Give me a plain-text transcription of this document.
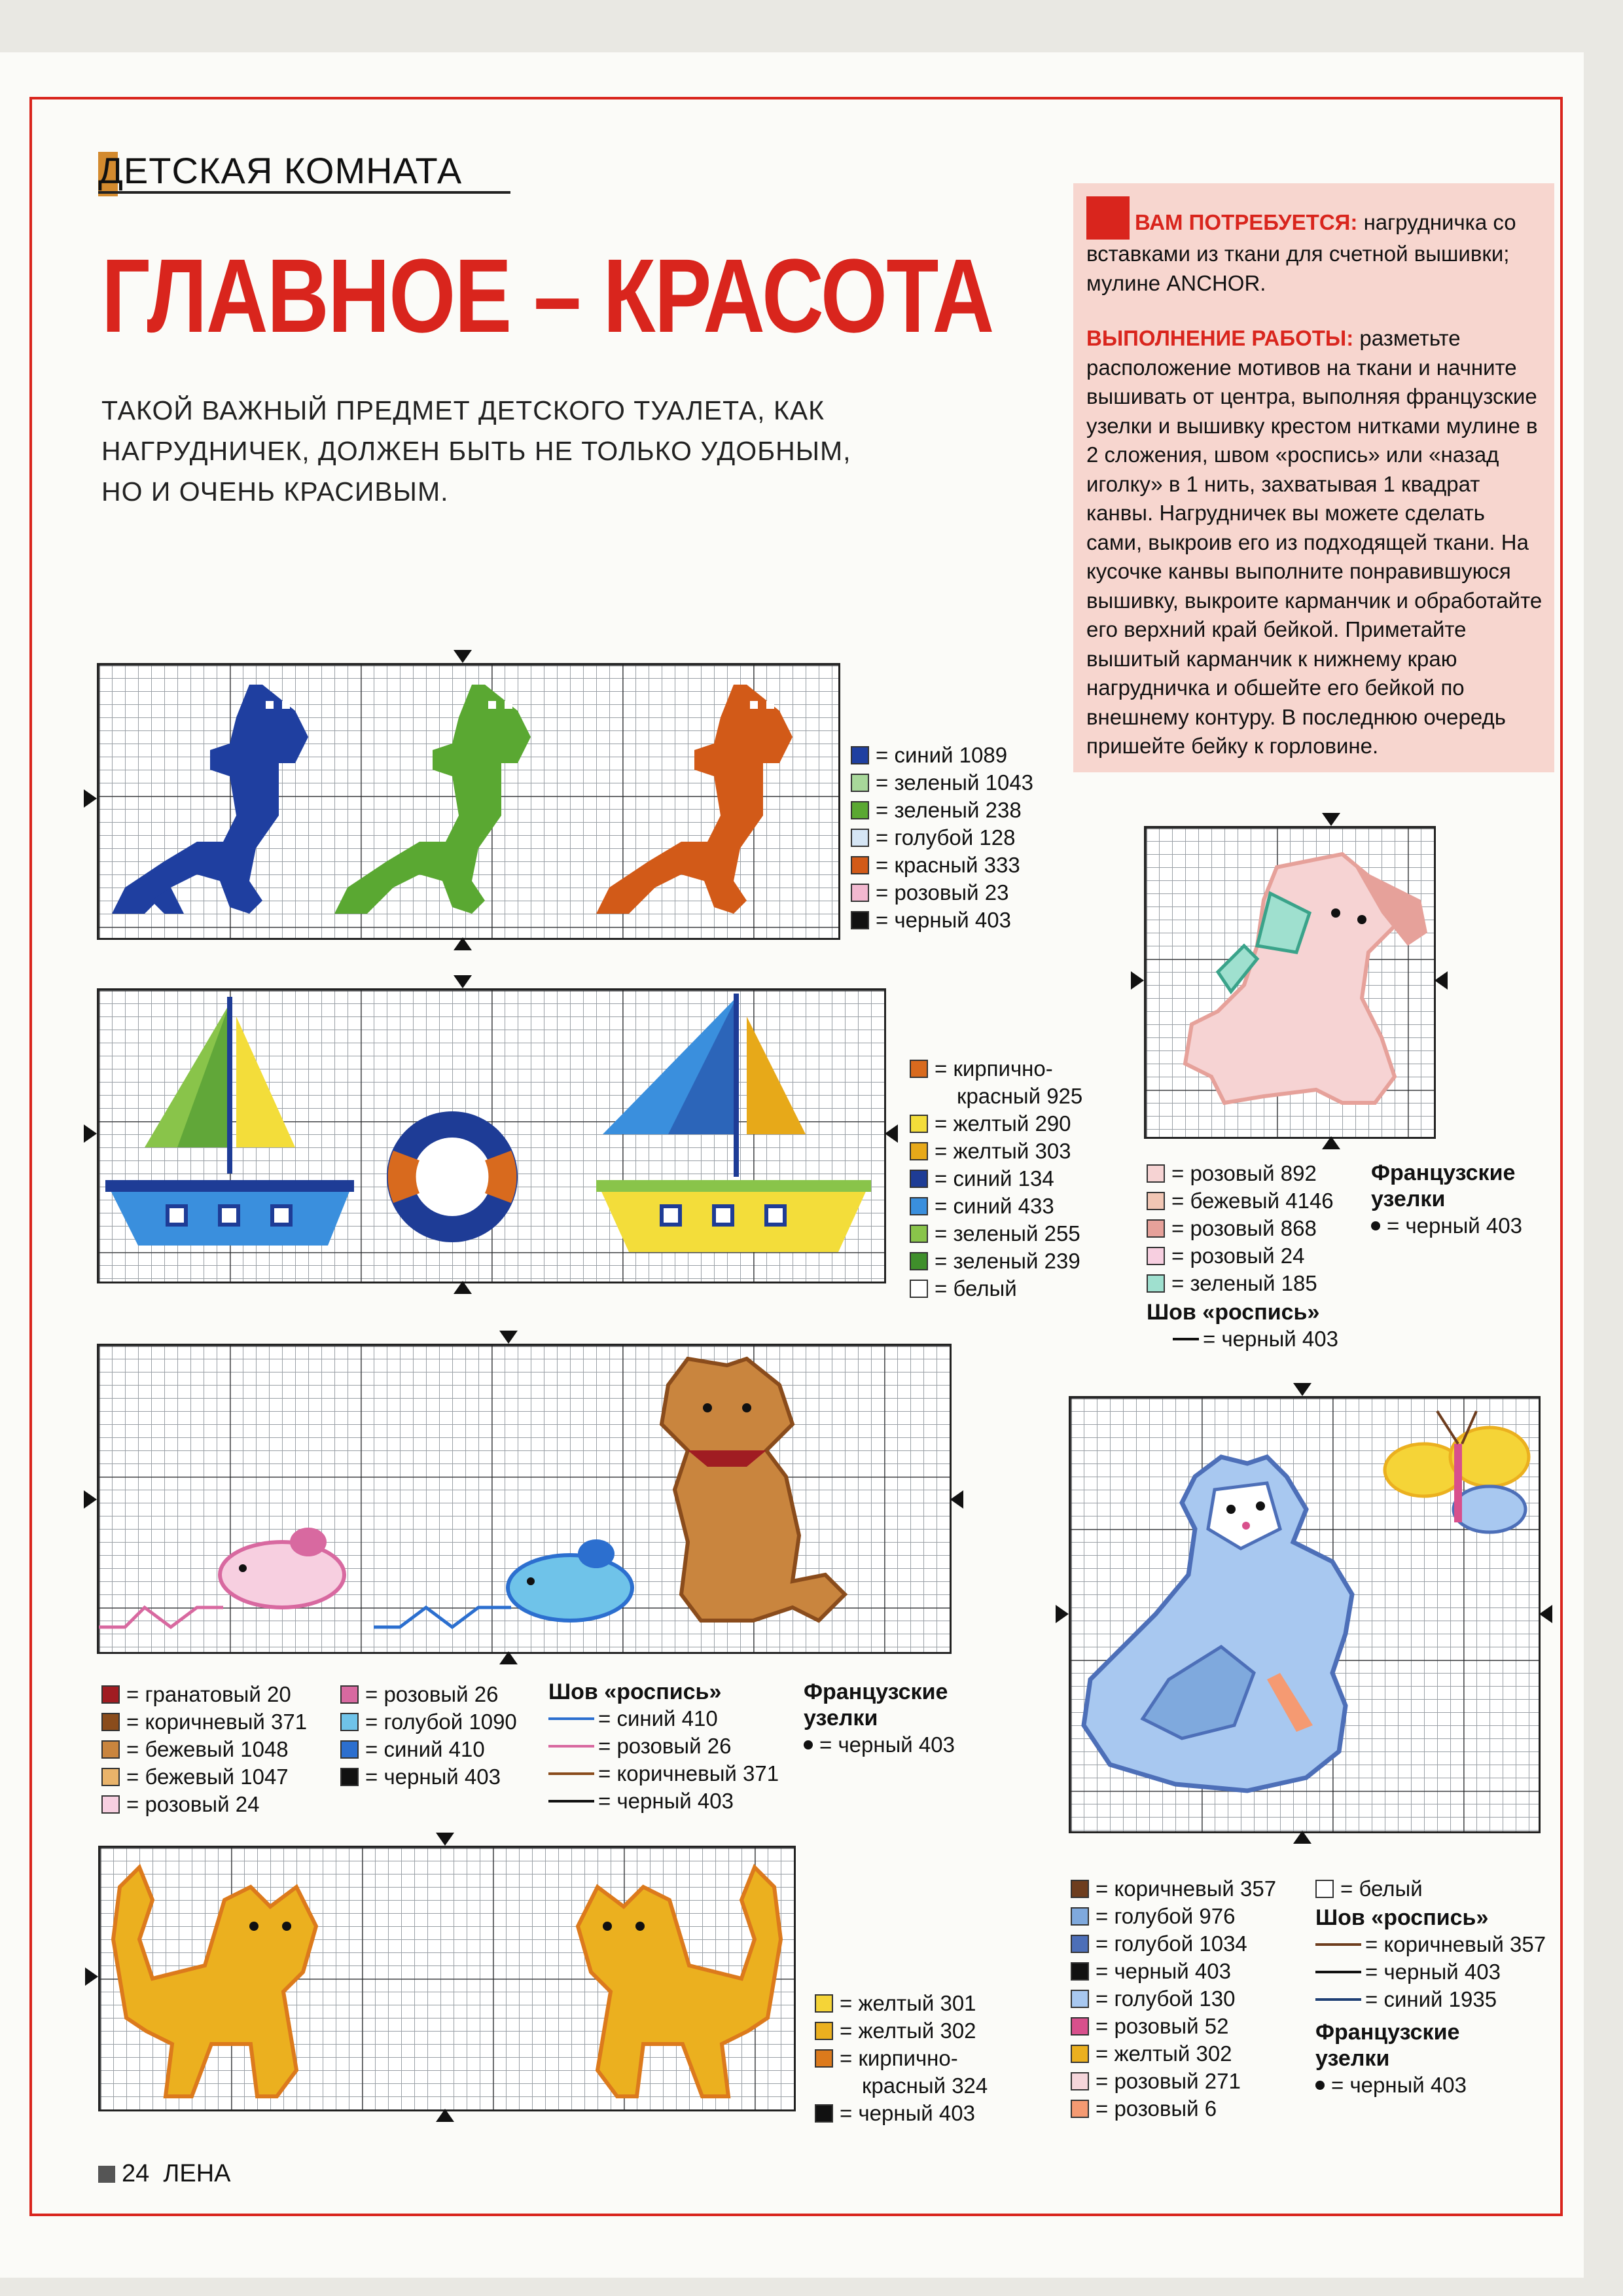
ДЕТСКАЯ КОМНАТА
ГЛАВНОЕ – КРАСОТА
ТАКОЙ ВАЖНЫЙ ПРЕДМЕТ ДЕТСКОГО ТУАЛЕТА, КАК НАГРУДНИЧЕК, ДОЛЖЕН БЫТЬ НЕ ТОЛЬКО УДОБНЫМ, НО И ОЧЕНЬ КРАСИВЫМ.
ВАМ ПОТРЕБУЕТСЯ: нагрудничка со вставками из ткани для счетной вышивки; мулине ANCHOR.
ВЫПОЛНЕНИЕ РАБОТЫ: разметьте расположение мотивов на ткани и начните вышивать от центра, выполняя французские узелки и вышивку крестом нитками мулине в 2 сложения, швом «роспись» или «назад иголку» в 1 нить, захватывая 1 квадрат канвы. Нагрудничек вы можете сделать сами, выкроив его из подходящей ткани. На кусочке канвы выполните понравившуюся вышивку, выкроите карманчик и обработайте его верхний край бейкой. Приметайте вышитый карманчик к нижнему краю нагрудничка и обшейте его бейкой по внешнему контуру. В последнюю очередь пришейте бейку к горловине.
= синий 1089
= зеленый 1043
= зеленый 238
= голубой 128
= красный 333
= розовый 23
= черный 403
= кирпично-
красный 925
= желтый 290
= желтый 303
= синий 134
= синий 433
= зеленый 255
= зеленый 239
= белый
= гранатовый 20
= коричневый 371
= бежевый 1048
= бежевый 1047
= розовый 24
= розовый 26
= голубой 1090
= синий 410
= черный 403
Шов «роспись»
= синий 410
= розовый 26
= коричневый 371
= черный 403
Французские узелки
= черный 403
= желтый 301
= желтый 302
= кирпично-
красный 324
= черный 403
= розовый 892
= бежевый 4146
= розовый 868
= розовый 24
= зеленый 185
Шов «роспись»
= черный 403
Французские узелки
= черный 403
= коричневый 357
= голубой 976
= голубой 1034
= черный 403
= голубой 130
= розовый 52
= желтый 302
= розовый 271
= розовый 6
= белый
Шов «роспись»
= коричневый 357
= черный 403
= синий 1935
Французские узелки
= черный 403
24 ЛЕНА
